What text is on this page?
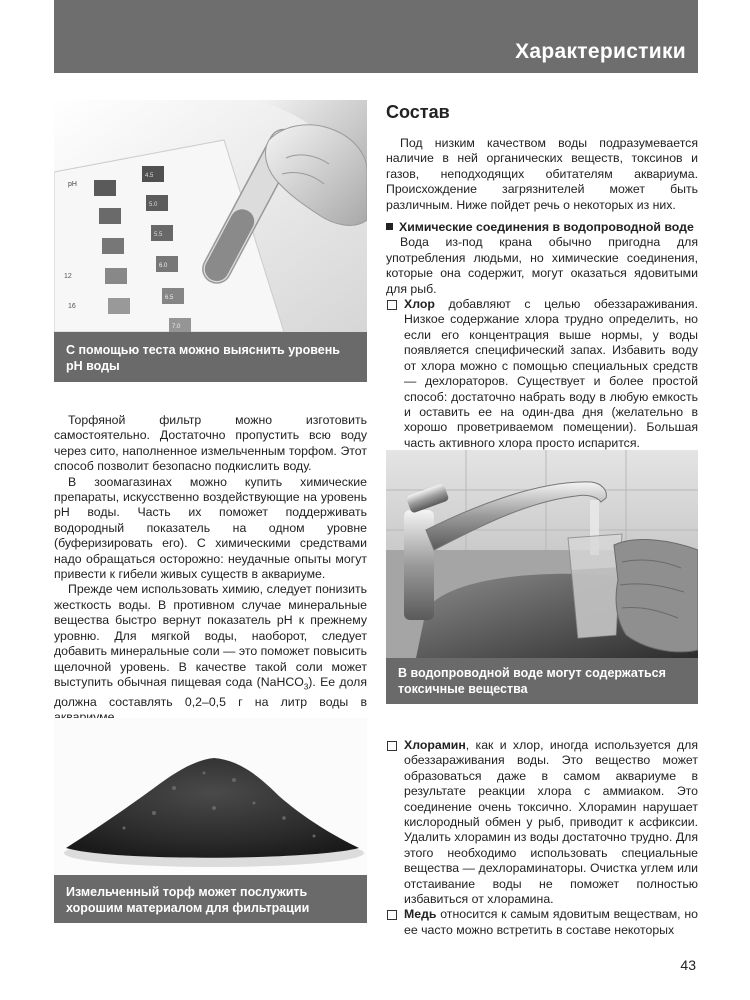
Характеристики
pH
12
16
4.5
5.0
5.5
6.0
6.5
7.0
С помощью теста можно выяснить уровень pH воды

Торфяной фильтр можно изготовить самостоятельно. Достаточно пропустить всю воду через сито, наполненное измельченным торфом. Этот способ позволит безопасно подкислить воду.

В зоомагазинах можно купить химические препараты, искусственно воздействующие на уровень pH воды. Часть их поможет поддерживать водородный показатель на одном уровне (буферизировать его). С химическими средствами надо обращаться осторожно: неудачные опыты могут привести к гибели живых существ в аквариуме.

Прежде чем использовать химию, следует понизить жесткость воды. В противном случае минеральные вещества быстро вернут показатель pH к прежнему уровню. Для мягкой воды, наоборот, следует добавить минеральные соли — это поможет повысить щелочной уровень. В качестве такой соли может выступить обычная пищевая сода (NaHCO$_3$). Ее доля должна составлять 0,2–0,5 г на литр воды в

Измельченный торф может послужить хорошим материалом для фильтрации
Состав

Под низким качеством воды подразумевается наличие в ней органических веществ, токсинов и газов, неподходящих обитателям аквариума. Происхождение загрязнителей может быть различным. Ниже пойдет речь о некоторых из них.

Химические соединения в водопроводной воде

Вода из-под крана обычно пригодна для употребления людьми, но химические соединения, которые она содержит, могут оказаться ядовитыми для рыб.

Хлор добавляют с целью обеззараживания. Низкое содержание хлора трудно определить, но если его концентрация выше нормы, у воды появляется специфический запах. Избавить воду от хлора можно с помощью специальных средств — дехлораторов. Существует и более простой способ: достаточно набрать воду в любую емкость и оставить ее на один-два дня (желательно в хорошо проветриваемом помещении). Большая часть активного хлора просто испарится.
В водопроводной воде могут содержаться токсичные вещества
Хлорамин, как и хлор, иногда используется для обеззараживания воды. Это вещество может образоваться даже в самом аквариуме в результате реакции хлора с аммиаком. Это соединение очень токсично. Хлорамин нарушает кислородный обмен у рыб, приводит к асфиксии. Удалить хлорамин из воды достаточно трудно. Для этого необходимо использовать специальные вещества — дехлораминаторы. Очистка углем или отстаивание воды не поможет полностью избавиться от хлорамина.
Медь относится к самым ядовитым веществам, но ее часто можно встретить в составе некоторых
43
